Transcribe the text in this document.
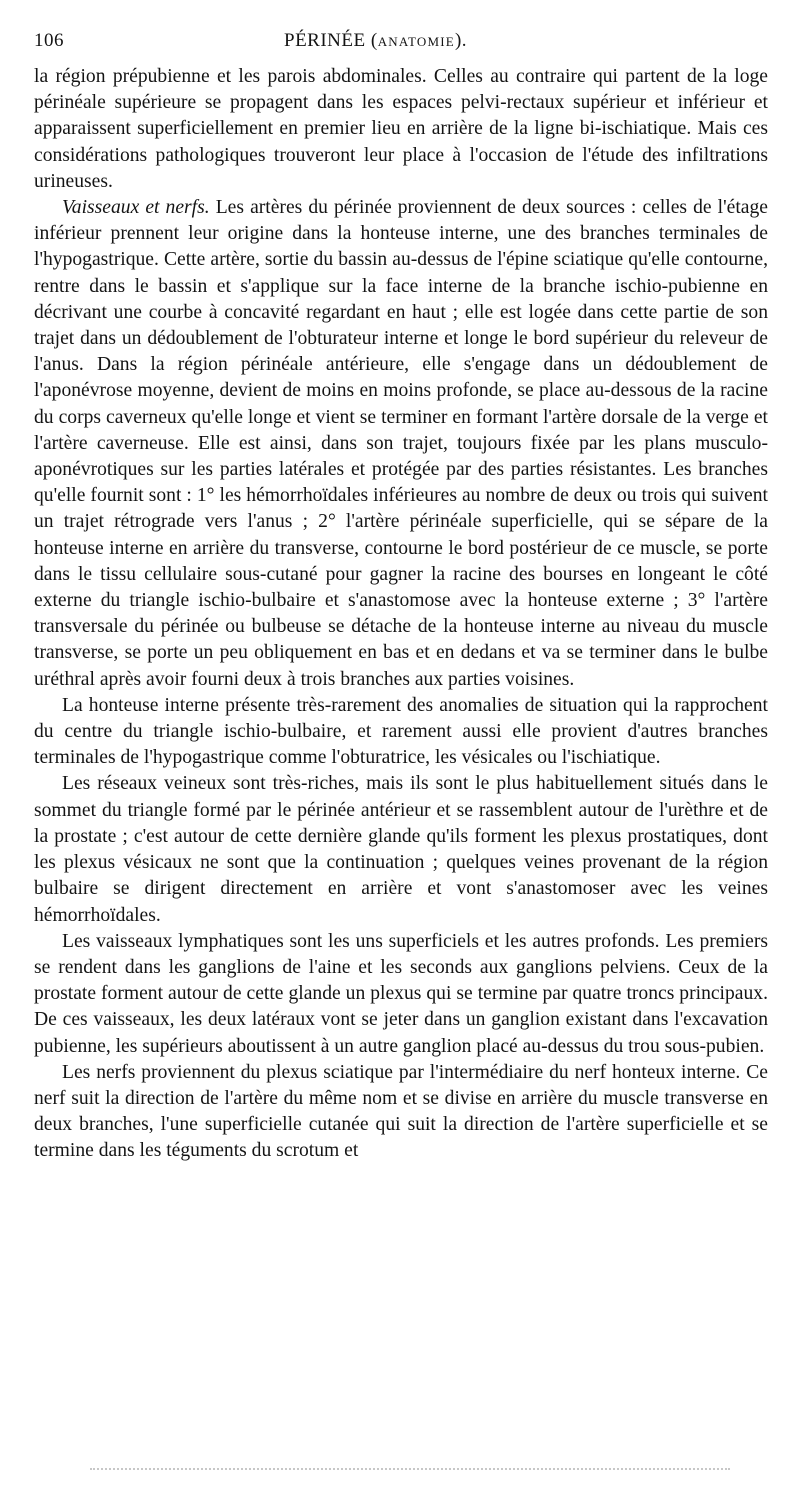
106	PÉRINÉE (ANATOMIE).

la région prépubienne et les parois abdominales. Celles au contraire qui partent de la loge périnéale supérieure se propagent dans les espaces pelvi-rectaux supérieur et inférieur et apparaissent superficiellement en premier lieu en arrière de la ligne bi-ischiatique. Mais ces considérations pathologiques trouveront leur place à l'occasion de l'étude des infiltrations urineuses.

Vaisseaux et nerfs. Les artères du périnée proviennent de deux sources : celles de l'étage inférieur prennent leur origine dans la honteuse interne, une des branches terminales de l'hypogastrique. Cette artère, sortie du bassin au-dessus de l'épine sciatique qu'elle contourne, rentre dans le bassin et s'applique sur la face interne de la branche ischio-pubienne en décrivant une courbe à concavité regardant en haut ; elle est logée dans cette partie de son trajet dans un dédoublement de l'obturateur interne et longe le bord supérieur du releveur de l'anus. Dans la région périnéale antérieure, elle s'engage dans un dédoublement de l'aponévrose moyenne, devient de moins en moins profonde, se place au-dessous de la racine du corps caverneux qu'elle longe et vient se terminer en formant l'artère dorsale de la verge et l'artère caverneuse. Elle est ainsi, dans son trajet, toujours fixée par les plans musculo-aponévrotiques sur les parties latérales et protégée par des parties résistantes. Les branches qu'elle fournit sont : 1° les hémorrhoïdales inférieures au nombre de deux ou trois qui suivent un trajet rétrograde vers l'anus ; 2° l'artère périnéale superficielle, qui se sépare de la honteuse interne en arrière du transverse, contourne le bord postérieur de ce muscle, se porte dans le tissu cellulaire sous-cutané pour gagner la racine des bourses en longeant le côté externe du triangle ischio-bulbaire et s'anastomose avec la honteuse externe ; 3° l'artère transversale du périnée ou bulbeuse se détache de la honteuse interne au niveau du muscle transverse, se porte un peu obliquement en bas et en dedans et va se terminer dans le bulbe uréthral après avoir fourni deux à trois branches aux parties voisines.

La honteuse interne présente très-rarement des anomalies de situation qui la rapprochent du centre du triangle ischio-bulbaire, et rarement aussi elle provient d'autres branches terminales de l'hypogastrique comme l'obturatrice, les vésicales ou l'ischiatique.

Les réseaux veineux sont très-riches, mais ils sont le plus habituellement situés dans le sommet du triangle formé par le périnée antérieur et se rassemblent autour de l'urèthre et de la prostate ; c'est autour de cette dernière glande qu'ils forment les plexus prostatiques, dont les plexus vésicaux ne sont que la continuation ; quelques veines provenant de la région bulbaire se dirigent directement en arrière et vont s'anastomoser avec les veines hémorrhoïdales.

Les vaisseaux lymphatiques sont les uns superficiels et les autres profonds. Les premiers se rendent dans les ganglions de l'aine et les seconds aux ganglions pelviens. Ceux de la prostate forment autour de cette glande un plexus qui se termine par quatre troncs principaux. De ces vaisseaux, les deux latéraux vont se jeter dans un ganglion existant dans l'excavation pubienne, les supérieurs aboutissent à un autre ganglion placé au-dessus du trou sous-pubien.

Les nerfs proviennent du plexus sciatique par l'intermédiaire du nerf honteux interne. Ce nerf suit la direction de l'artère du même nom et se divise en arrière du muscle transverse en deux branches, l'une superficielle cutanée qui suit la direction de l'artère superficielle et se termine dans les téguments du scrotum et
